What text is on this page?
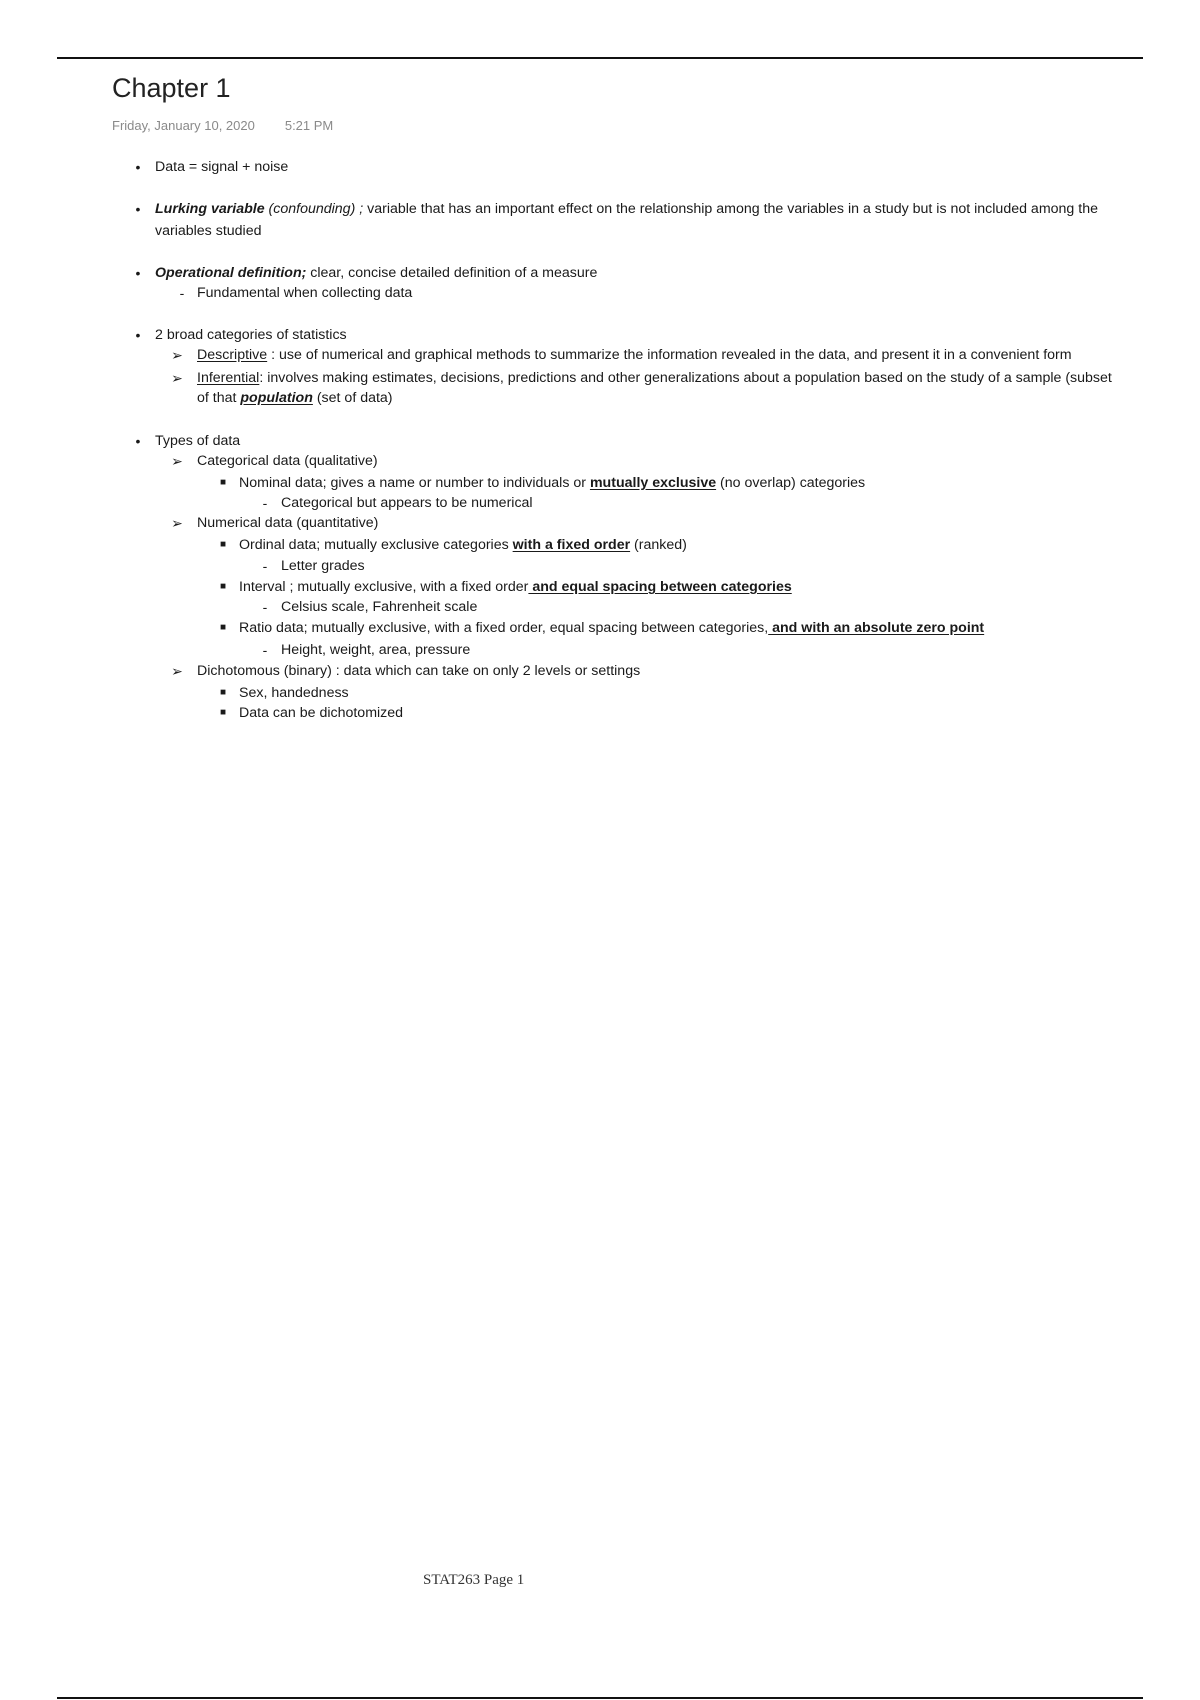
Chapter 1
Friday, January 10, 2020 5:21 PM
Data = signal + noise
•
•	Lurking variable (confounding) ; variable that has an important effect on the relationship among the variables in a study but is not included among the
variables studied
•	Operational definition; clear, concise detailed definition of a measure
- Fundamental when collecting data
•	2 broad categories of statistics
➢ Descriptive : use of numerical and graphical methods to summarize the information revealed in the data, and present it in a convenient form
➢ Inferential: involves making estimates, decisions, predictions and other generalizations about a population based on the study of a sample (subset
of that population (set of data)
•	Types of data
➢ Categorical data (qualitative)
■ Nominal data; gives a name or number to individuals or mutually exclusive (no overlap) categories
- Categorical but appears to be numerical
➢ Numerical data (quantitative)
■ Ordinal data; mutually exclusive categories with a fixed order (ranked)
- Letter grades
■ Interval ; mutually exclusive, with a fixed order and equal spacing between categories
- Celsius scale, Fahrenheit scale
■ Ratio data; mutually exclusive, with a fixed order, equal spacing between categories, and with an absolute zero point
- Height, weight, area, pressure
➢ Dichotomous (binary) : data which can take on only 2 levels or settings
■ Sex, handedness
■ Data can be dichotomized
STAT263 Page 1
